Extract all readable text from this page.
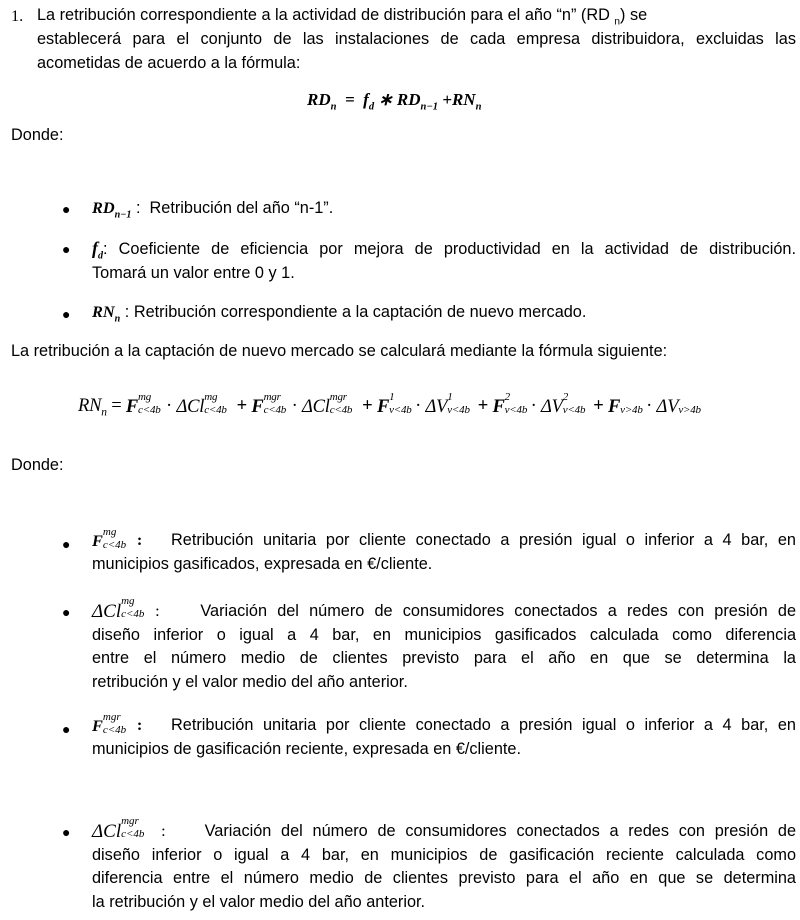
1. La retribución correspondiente a la actividad de distribución para el año “n” (RD $_n$) se
establecerá para el conjunto de las instalaciones de cada empresa distribuidora, excluidas las
acometidas de acuerdo a la fórmula:
$RD_n = f_d$ ∗ $RD_{n-1} +RN_n$
Donde:
● $RD_{n-1}$ : Retribución del año “n-1”.
● $f_d$: Coeficiente de eficiencia por mejora de productividad en la actividad de distribución.
Tomará un valor entre 0 y 1.
● $RN_n$ : Retribución correspondiente a la captación de nuevo mercado.
La retribución a la captación de nuevo mercado se calculará mediante la fórmula siguiente:
$RN_n = F$ mg
c<4b · ΔCl mg
c<4b + F mgr
c<4b · ΔCl mgr
c<4b + F 1
v<4b · ΔV 1
v<4b + F 2
v<4b · ΔV 2
v<4b + F v>4b · ΔV v>4b
Donde:
● F mg
c<4b : Retribución unitaria por cliente conectado a presión igual o inferior a 4 bar, en
municipios gasificados, expresada en €/cliente.
● ΔCl mg
c<4b : Variación del número de consumidores conectados a redes con presión de
diseño inferior o igual a 4 bar, en municipios gasificados calculada como diferencia
entre el número medio de clientes previsto para el año en que se determina la
retribución y el valor medio del año anterior.
● F mgr
c<4b : Retribución unitaria por cliente conectado a presión igual o inferior a 4 bar, en
municipios de gasificación reciente, expresada en €/cliente.
● ΔCl mgr
c<4b : Variación del número de consumidores conectados a redes con presión de
diseño inferior o igual a 4 bar, en municipios de gasificación reciente calculada como
diferencia entre el número medio de clientes previsto para el año en que se determina
la retribución y el valor medio del año anterior.
